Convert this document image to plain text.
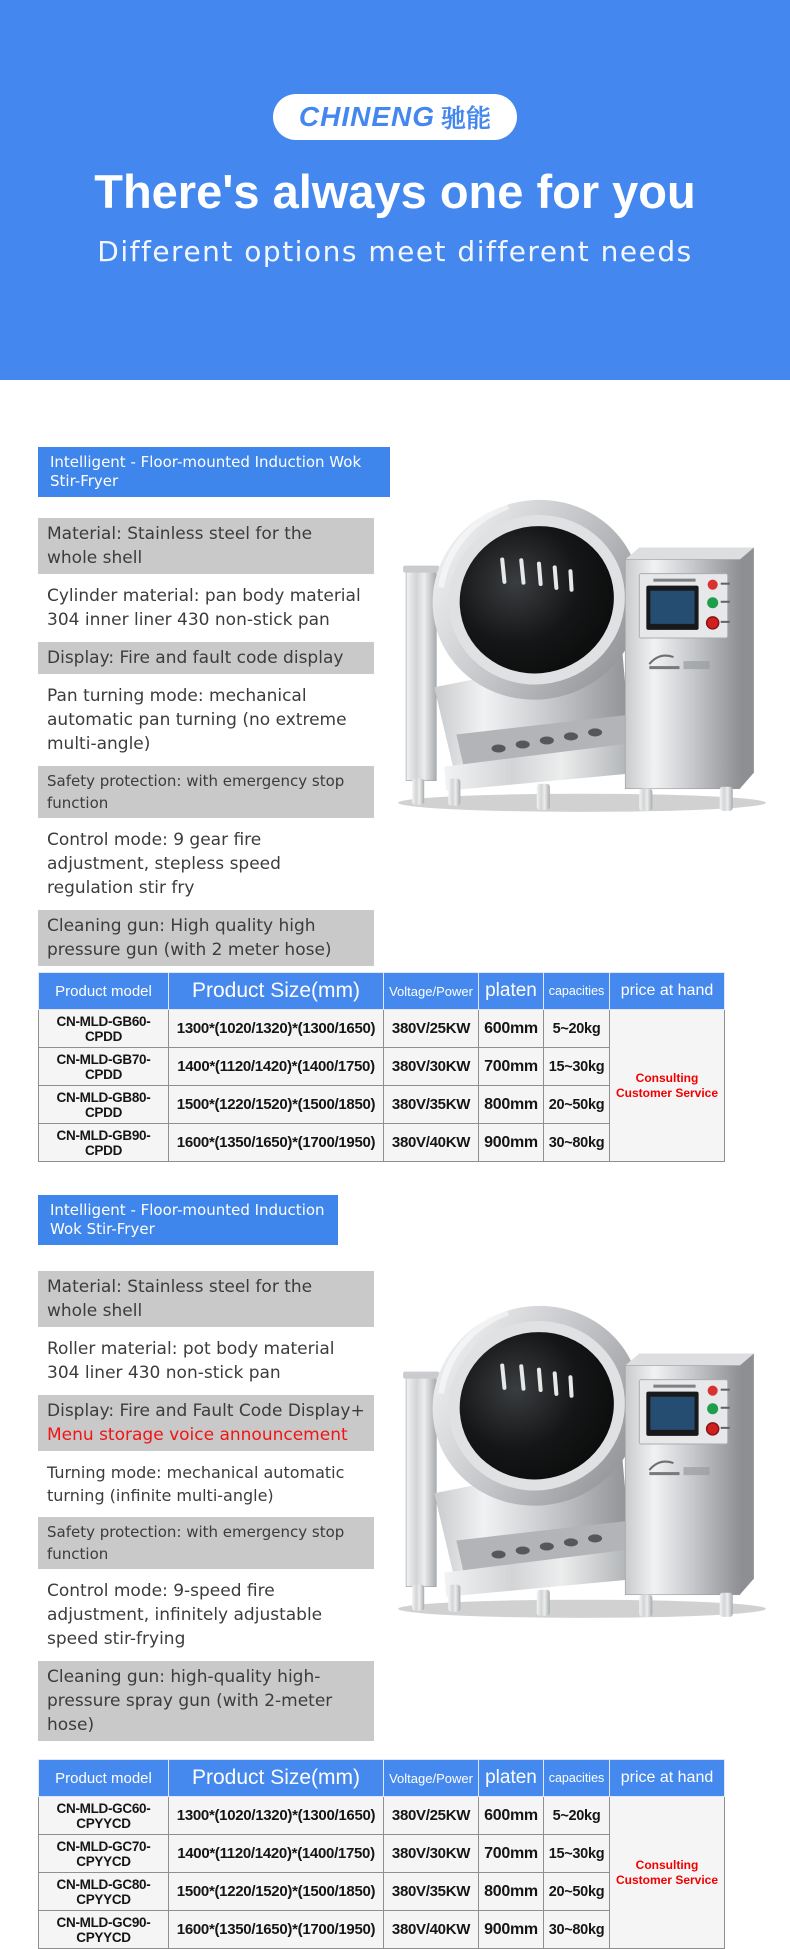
CHINENG 驰能
There's always one for you
Different options meet different needs
Intelligent - Floor-mounted Induction Wok Stir-Fryer
Material: Stainless steel for the whole shell
Cylinder material: pan body material 304 inner liner 430 non-stick pan
Display: Fire and fault code display
Pan turning mode: mechanical automatic pan turning (no extreme multi-angle)
Safety protection: with emergency stop function
Control mode: 9 gear fire adjustment, stepless speed regulation stir fry
Cleaning gun: High quality high pressure gun (with 2 meter hose)
Product model	Product Size(mm)	Voltage/Power	platen	capacities	price at hand
CN-MLD-GB60-CPDD	1300*(1020/1320)*(1300/1650)	380V/25KW	600mm	5~20kg	Consulting Customer Service
CN-MLD-GB70-CPDD	1400*(1120/1420)*(1400/1750)	380V/30KW	700mm	15~30kg	
CN-MLD-GB80-CPDD	1500*(1220/1520)*(1500/1850)	380V/35KW	800mm	20~50kg	
CN-MLD-GB90-CPDD	1600*(1350/1650)*(1700/1950)	380V/40KW	900mm	30~80kg	
Intelligent - Floor-mounted Induction Wok Stir-Fryer
Material: Stainless steel for the whole shell
Roller material: pot body material 304 liner 430 non-stick pan
Display: Fire and Fault Code Display+
Menu storage voice announcement
Turning mode: mechanical automatic turning (infinite multi-angle)
Safety protection: with emergency stop function
Control mode: 9-speed fire adjustment, infinitely adjustable speed stir-frying
Cleaning gun: high-quality high-pressure spray gun (with 2-meter hose)
Product model	Product Size(mm)	Voltage/Power	platen	capacities	price at hand
CN-MLD-GC60-CPYYCD	1300*(1020/1320)*(1300/1650)	380V/25KW	600mm	5~20kg	Consulting Customer Service
CN-MLD-GC70-CPYYCD	1400*(1120/1420)*(1400/1750)	380V/30KW	700mm	15~30kg	
CN-MLD-GC80-CPYYCD	1500*(1220/1520)*(1500/1850)	380V/35KW	800mm	20~50kg	
CN-MLD-GC90-CPYYCD	1600*(1350/1650)*(1700/1950)	380V/40KW	900mm	30~80kg	
